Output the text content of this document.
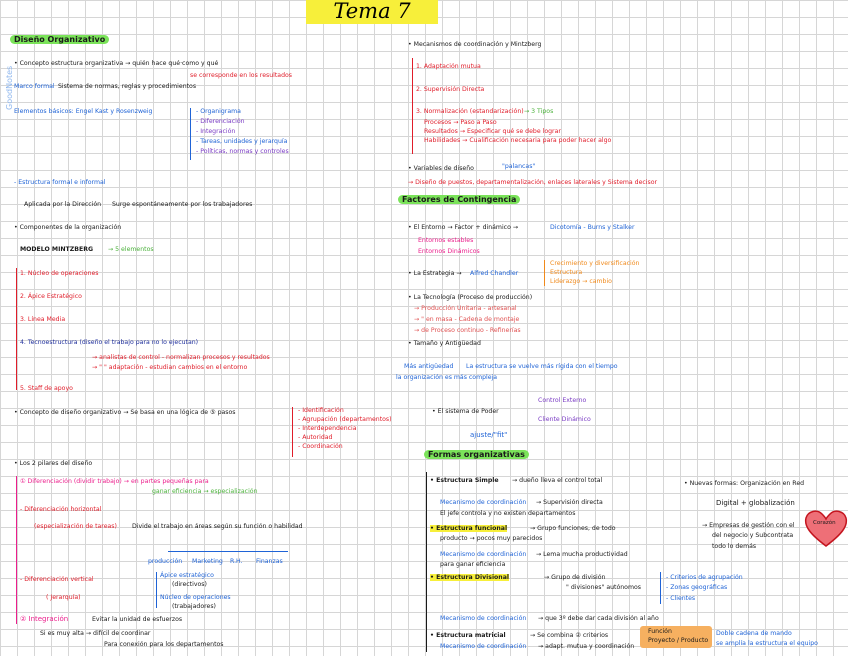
Tema 7
GoodNotes
Diseño Organizativo
• Concepto estructura organizativa → quién hace qué·como y qué
se corresponde en los resultados
Marco formal Sistema de normas, reglas y procedimientos
Elementos básicos: Engel Kast y Rosenzweig	- Organigrama
- Diferenciación
- Integración
- Tareas, unidades y jerarquía
- Políticas, normas y controles
- Estructura formal e informal
Aplicada por la Dirección Surge espontáneamente por los trabajadores
• Componentes de la organización
MODELO MINTZBERG → 5 elementos
1. Núcleo de operaciones
2. Ápice Estratégico
3. Línea Media
4. Tecnoestructura (diseño el trabajo para no lo ejecutan)
→ analistas de control - normalizan procesos y resultados
→ " " adaptación - estudian cambios en el entorno
5. Staff de apoyo
• Concepto de diseño organizativo → Se basa en una lógica de ⑤ pasos	- Identificación
- Agrupación (departamentos)
- Interdependencia
- Autoridad
- Coordinación
• Los 2 pilares del diseño
① Diferenciación (dividir trabajo) → en partes pequeñas para
ganar eficiencia → especialización
- Diferenciación horizontal
(especialización de tareas) Divide el trabajo en áreas según su función o habilidad
producción Marketing R.H. Finanzas
- Diferenciación vertical
( Jerarquía)
Ápice estratégico
(directivos)
Núcleo de operaciones
(trabajadores)
② Integración	Evitar la unidad de esfuerzos
Si es muy alta → difícil de coordinar
Para conexión para los departamentos
• Mecanismos de coordinación y Mintzberg
1. Adaptación mutua
2. Supervisión Directa
3. Normalización (estandarización) → 3 Tipos
Procesos → Paso a Paso
Resultados → Especificar qué se debe lograr
Habilidades → Cualificación necesaria para poder hacer algo
• Variables de diseño	"palancas"
→ Diseño de puestos, departamentalización, enlaces laterales y Sistema decisor
Factores de Contingencia
• El Entorno → Factor + dinámico →	Dicotomía - Burns y Stalker
Entornos estables
Entornos Dinámicos
• La Estrategia → Alfred Chandler
Crecimiento y diversificación
Estructura
Liderazgo → cambio
• La Tecnología (Proceso de producción)
→ Producción Unitaria - artesanal
→ " en masa - Cadena de montaje
→ de Proceso continuo - Refinerías
• Tamaño y Antigüedad
Más antigüedad La estructura se vuelve más rígida con el tiempo
la organización es más compleja
• El sistema de Poder
Control Externo
Cliente Dinámico
ajuste/"fit"
Formas organizativas
• Estructura Simple → dueño lleva el control total
Mecanismo de coordinación → Supervisión directa
El jefe controla y no existen departamentos
• Estructura funcional	→ Grupo funciones, de todo
producto → pocos muy parecidos
Mecanismo de coordinación → Lema mucha productividad
para ganar eficiencia
• Estructura Divisional	→ Grupo de división
" divisiones" autónomos
- Criterios de agrupación
- Zonas geográficas
- Clientes
Mecanismo de coordinación → que 3º debe dar cada división al año
• Estructura matricial	→ Se combina ② criterios
Mecanismo de coordinación → adapt. mutua y coordinación
Función
Proyecto / Producto
Doble cadena de mando
se amplía la estructura el equipo
• Nuevas formas: Organización en Red
Digital + globalización
→ Empresas de gestión con el
del negocio y Subcontrata
todo lo demás
Corazón
